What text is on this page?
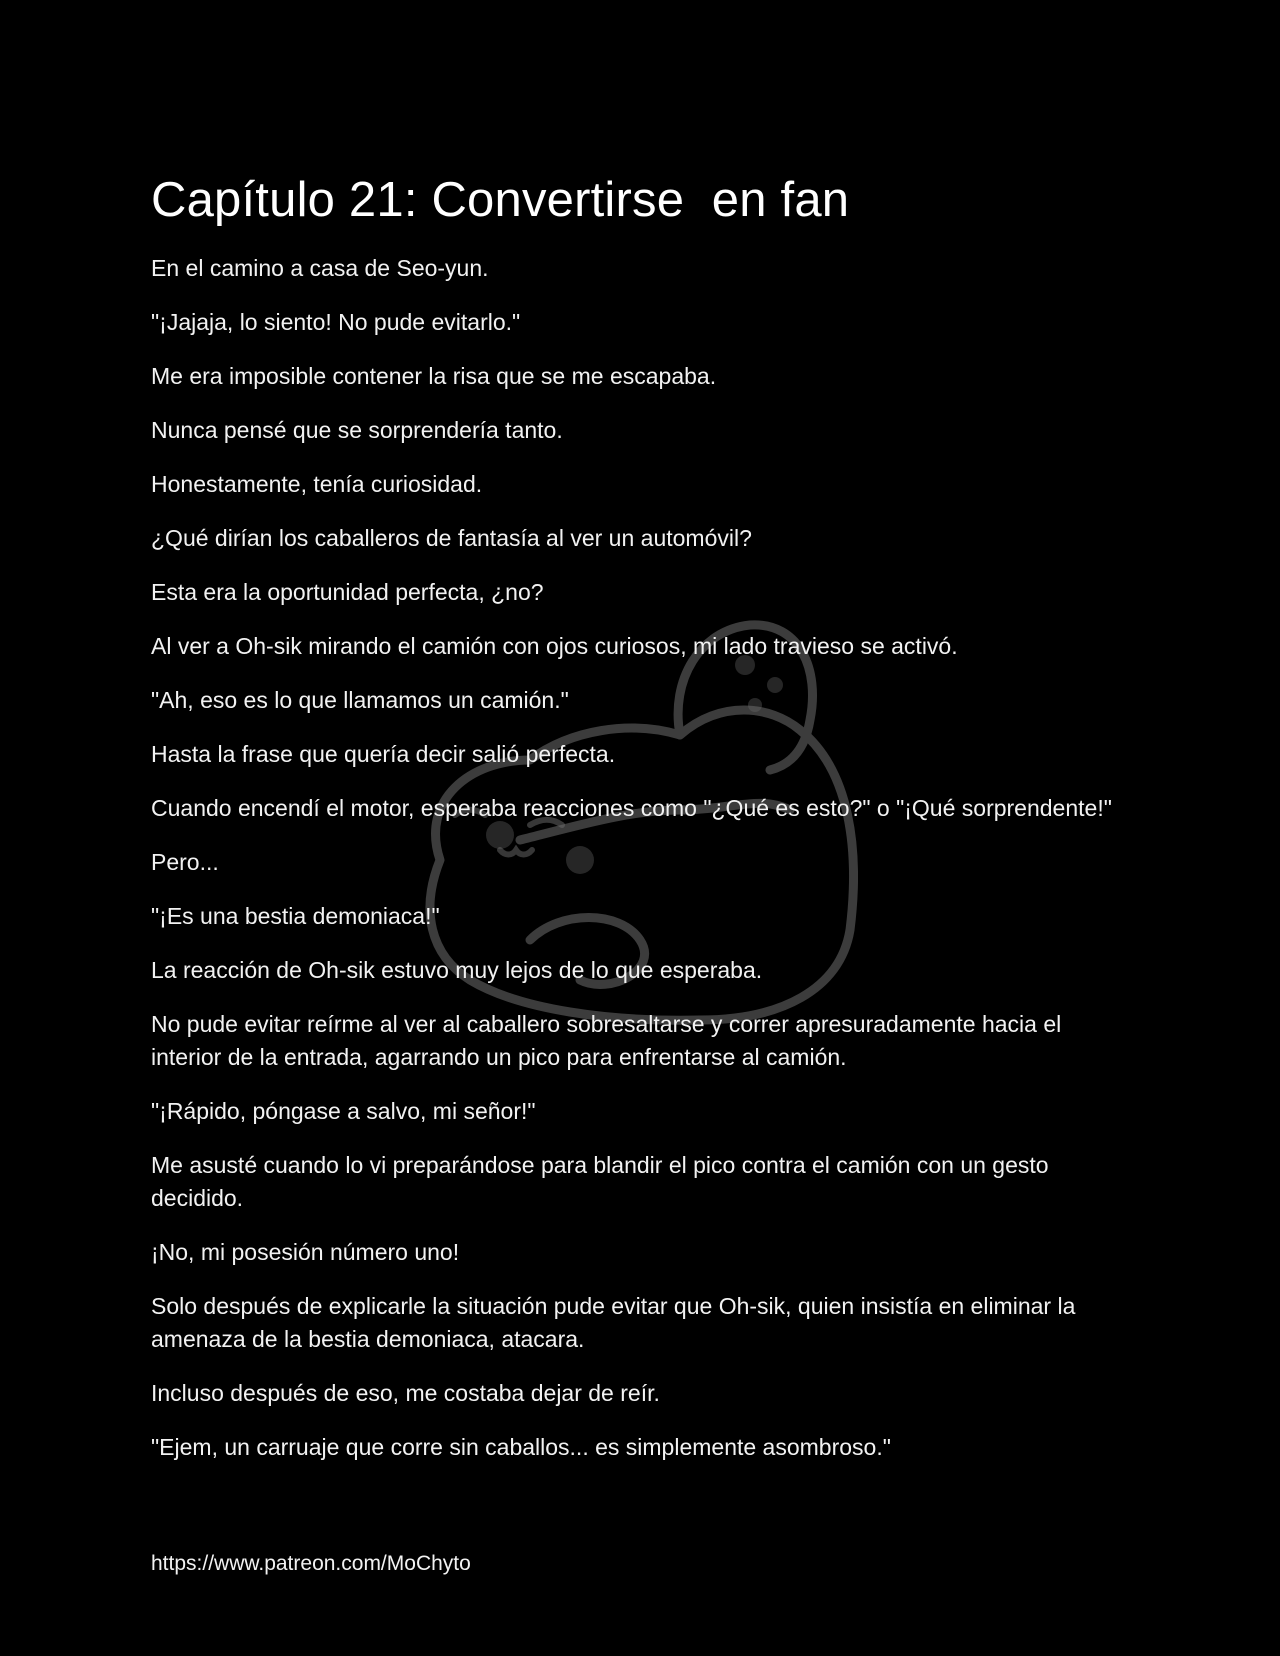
Capítulo 21: Convertirse  en fan

En el camino a casa de Seo-yun.

"¡Jajaja, lo siento! No pude evitarlo."

Me era imposible contener la risa que se me escapaba.

Nunca pensé que se sorprendería tanto.

Honestamente, tenía curiosidad.

¿Qué dirían los caballeros de fantasía al ver un automóvil?

Esta era la oportunidad perfecta, ¿no?

Al ver a Oh-sik mirando el camión con ojos curiosos, mi lado travieso se activó.

"Ah, eso es lo que llamamos un camión."

Hasta la frase que quería decir salió perfecta.

Cuando encendí el motor, esperaba reacciones como "¿Qué es esto?" o "¡Qué sorprendente!"

Pero...

"¡Es una bestia demoniaca!"

La reacción de Oh-sik estuvo muy lejos de lo que esperaba.

No pude evitar reírme al ver al caballero sobresaltarse y correr apresuradamente hacia el interior de la entrada, agarrando un pico para enfrentarse al camión.

"¡Rápido, póngase a salvo, mi señor!"

Me asusté cuando lo vi preparándose para blandir el pico contra el camión con un gesto decidido.

¡No, mi posesión número uno!

Solo después de explicarle la situación pude evitar que Oh-sik, quien insistía en eliminar la amenaza de la bestia demoniaca, atacara.

Incluso después de eso, me costaba dejar de reír.

"Ejem, un carruaje que corre sin caballos... es simplemente asombroso."

https://www.patreon.com/MoChyto
